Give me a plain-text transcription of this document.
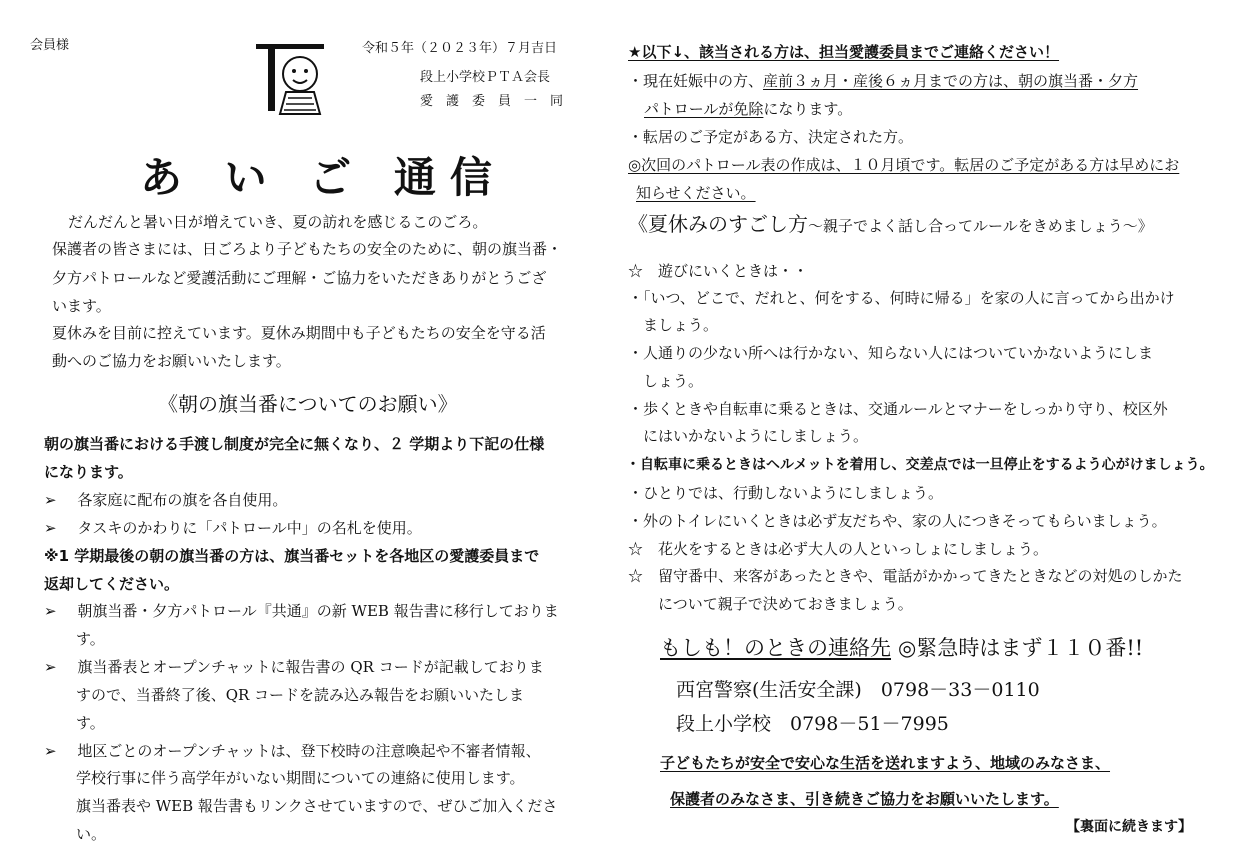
会員様	令和５年（２０２３年）７月吉日
段上小学校ＰＴＡ会長
愛　護　委　員　一　同
あ い ご 通信
だんだんと暑い日が増えていき、夏の訪れを感じるこのごろ。
保護者の皆さまには、日ごろより子どもたちの安全のために、朝の旗当番・
夕方パトロールなど愛護活動にご理解・ご協力をいただきありがとうござ
います。
夏休みを目前に控えています。夏休み期間中も子どもたちの安全を守る活
動へのご協力をお願いいたします。
《朝の旗当番についてのお願い》
朝の旗当番における手渡し制度が完全に無くなり、２ 学期より下記の仕様
になります。
➢ 各家庭に配布の旗を各自使用。
➢ タスキのかわりに「パトロール中」の名札を使用。
※1 学期最後の朝の旗当番の方は、旗当番セットを各地区の愛護委員まで
返却してください。
➢ 朝旗当番・夕方パトロール『共通』の新 WEB 報告書に移行しておりま
す。
➢ 旗当番表とオープンチャットに報告書の QR コードが記載しておりま
すので、当番終了後、QR コードを読み込み報告をお願いいたしま
す。
➢ 地区ごとのオープンチャットは、登下校時の注意喚起や不審者情報、
学校行事に伴う高学年がいない期間についての連絡に使用します。
旗当番表や WEB 報告書もリンクさせていますので、ぜひご加入くださ
い。
★以下↓、該当される方は、担当愛護委員までご連絡ください！
・現在妊娠中の方、産前３ヵ月・産後６ヵ月までの方は、朝の旗当番・夕方
パトロールが免除になります。
・転居のご予定がある方、決定された方。
◎次回のパトロール表の作成は、１０月頃です。転居のご予定がある方は早めにお
知らせください。
《夏休みのすごし方〜親子でよく話し合ってルールをきめましょう〜》
☆　遊びにいくときは・・
・「いつ、どこで、だれと、何をする、何時に帰る」を家の人に言ってから出かけ
　ましょう。
・人通りの少ない所へは行かない、知らない人にはついていかないようにしま
　しょう。
・歩くときや自転車に乗るときは、交通ルールとマナーをしっかり守り、校区外
　にはいかないようにしましょう。
・自転車に乗るときはヘルメットを着用し、交差点では一旦停止をするよう心がけましょう。
・ひとりでは、行動しないようにしましょう。
・外のトイレにいくときは必ず友だちや、家の人につきそってもらいましょう。
☆　花火をするときは必ず大人の人といっしょにしましょう。
☆　留守番中、来客があったときや、電話がかかってきたときなどの対処のしかた
　　について親子で決めておきましょう。
もしも！のときの連絡先 ◎緊急時はまず１１０番!!
西宮警察(生活安全課)　0798－33－0110
段上小学校　0798－51－7995
子どもたちが安全で安心な生活を送れますよう、地域のみなさま、
保護者のみなさま、引き続きご協力をお願いいたします。
【裏面に続きます】
